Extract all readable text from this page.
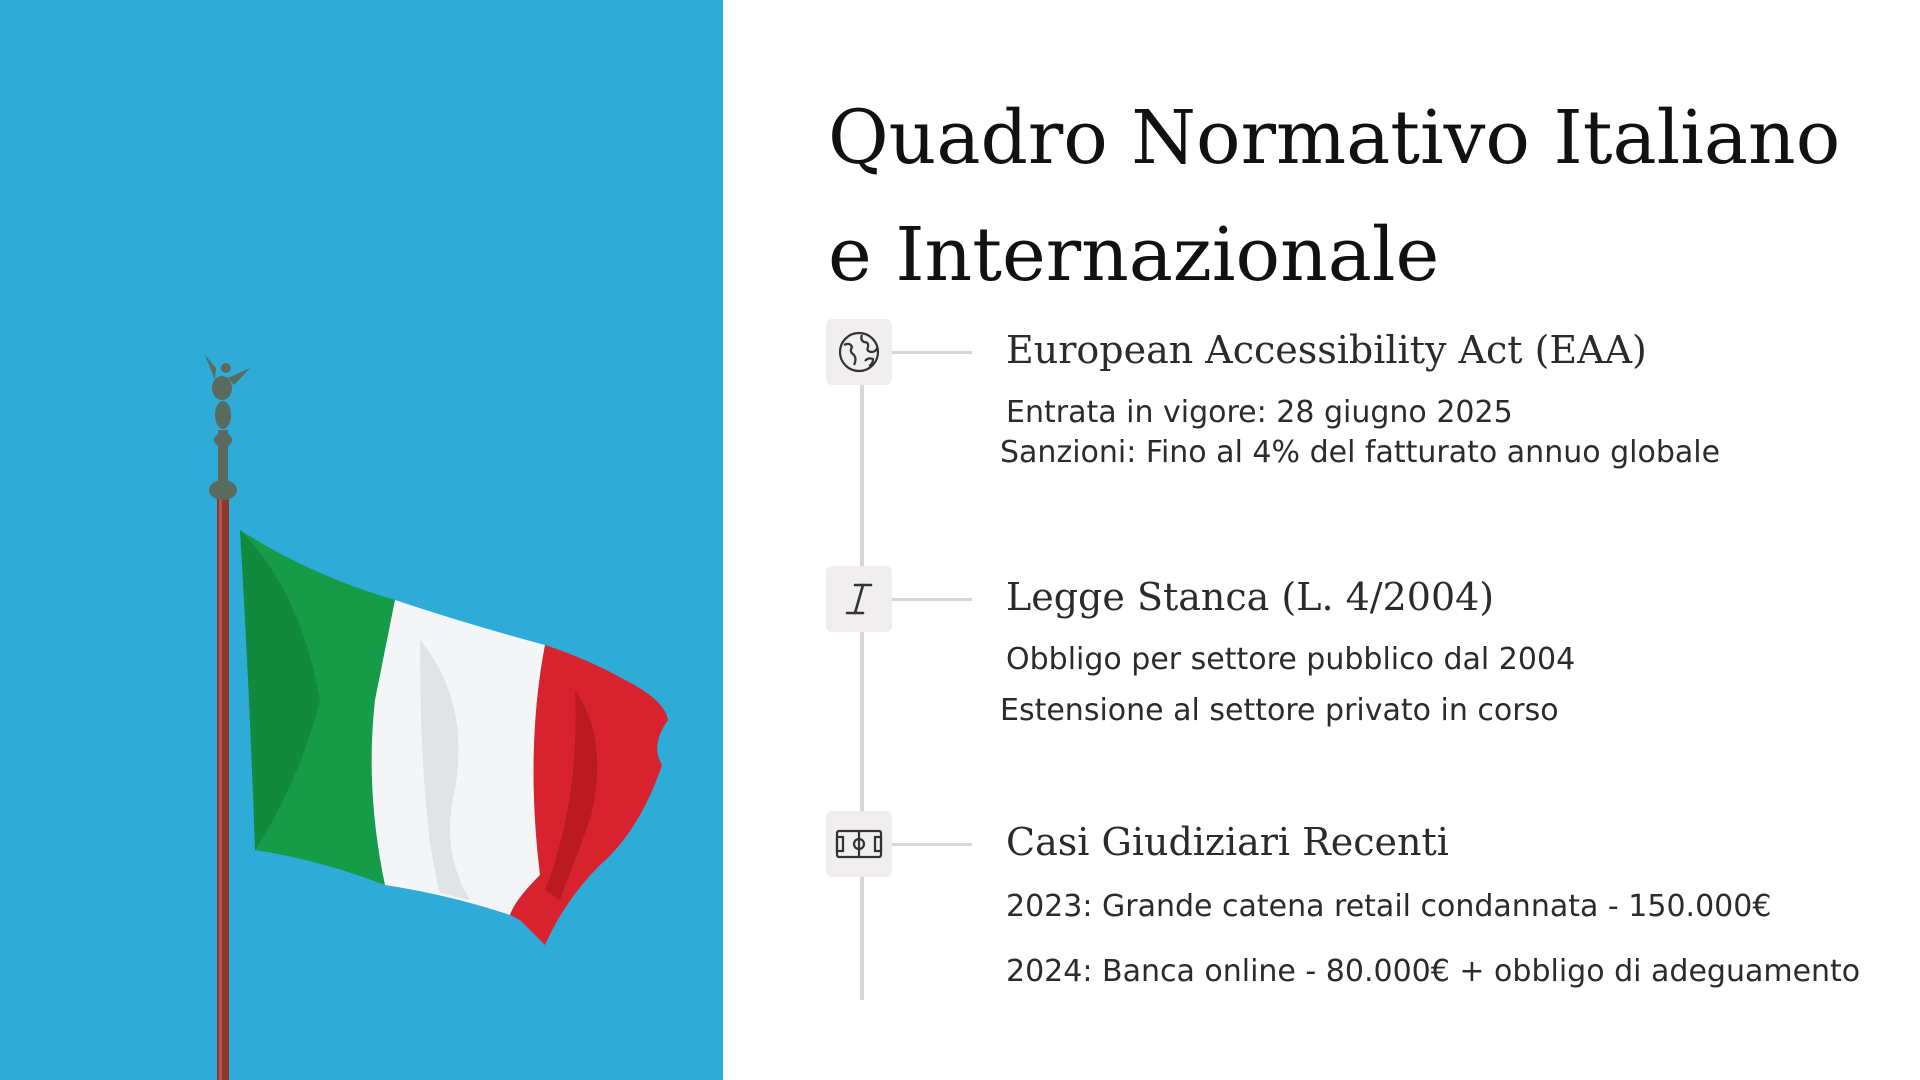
Quadro Normativo Italiano e Internazionale
European Accessibility Act (EAA)

Entrata in vigore: 28 giugno 2025

Sanzioni: Fino al 4% del fatturato annuo globale

Legge Stanca (L. 4/2004)

Obbligo per settore pubblico dal 2004

Estensione al settore privato in corso

Casi Giudiziari Recenti

2023: Grande catena retail condannata - 150.000€

2024: Banca online - 80.000€ + obbligo di adeguamento
